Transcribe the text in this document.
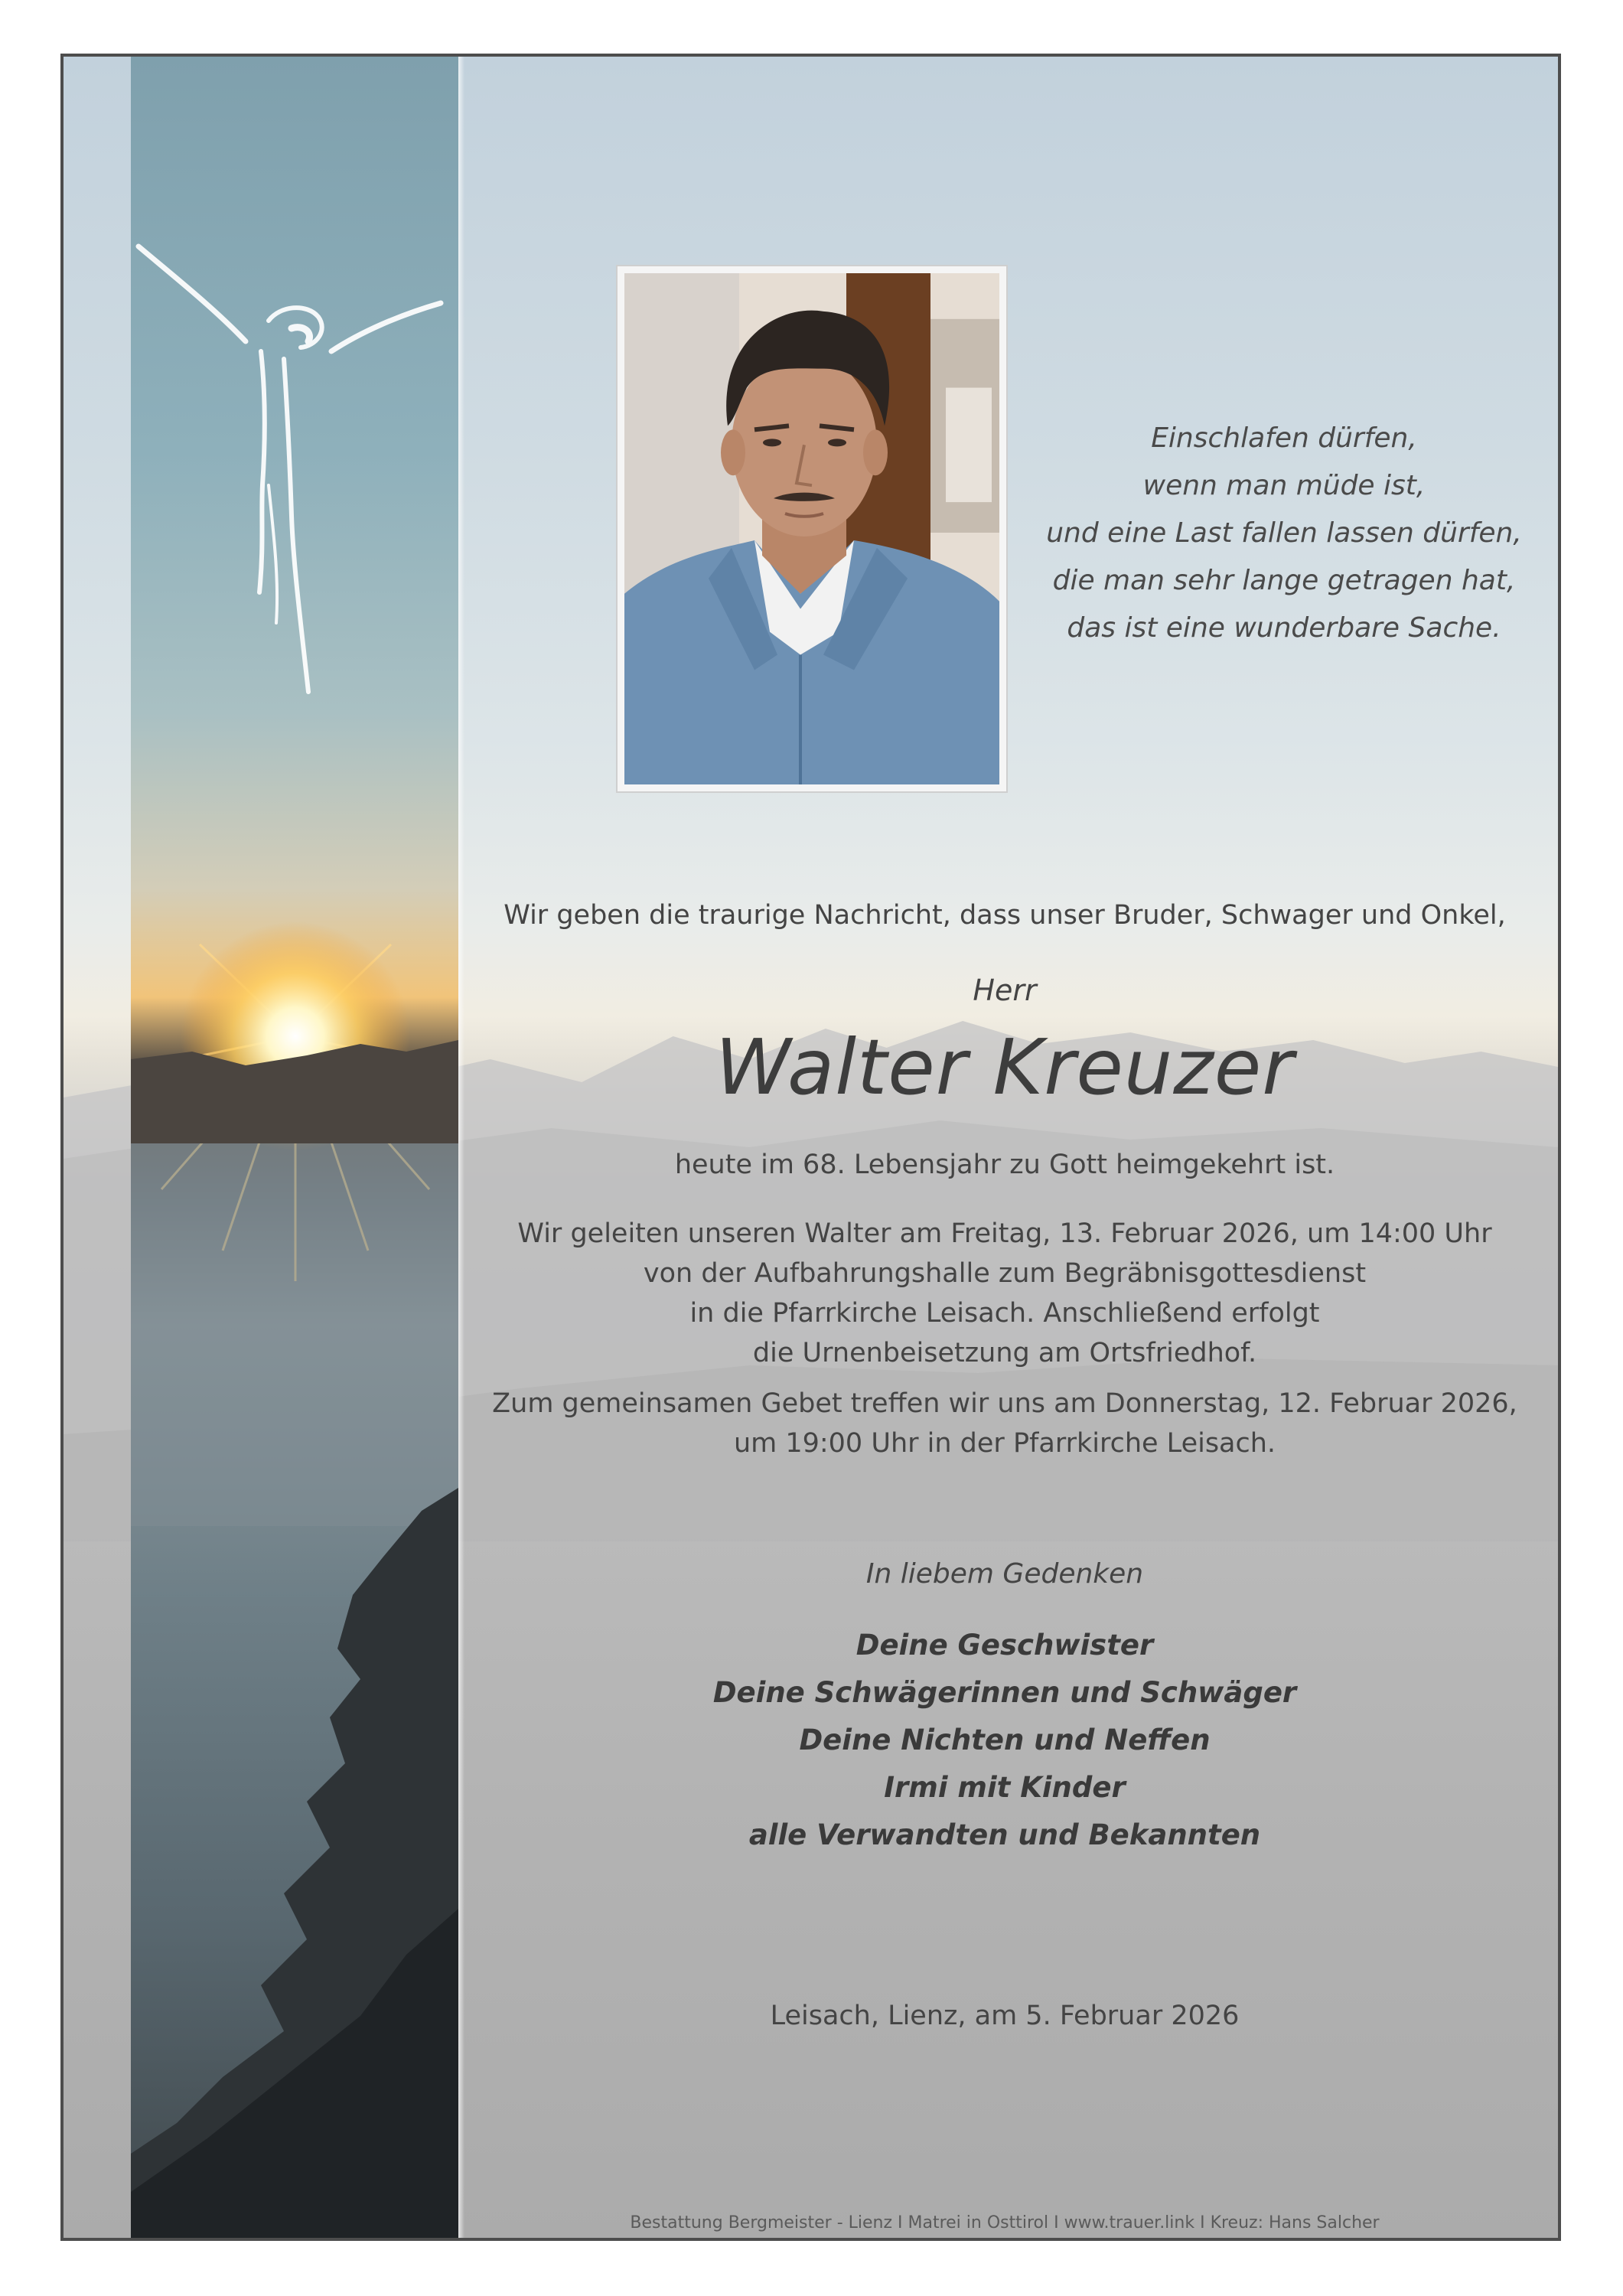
Einschlafen dürfen,
wenn man müde ist,
und eine Last fallen lassen dürfen,
die man sehr lange getragen hat,
das ist eine wunderbare Sache.
Wir geben die traurige Nachricht, dass unser Bruder, Schwager und Onkel,
Herr
Walter Kreuzer
heute im 68. Lebensjahr zu Gott heimgekehrt ist.
Wir geleiten unseren Walter am Freitag, 13. Februar 2026, um 14:00 Uhr
von der Aufbahrungshalle zum Begräbnisgottesdienst
in die Pfarrkirche Leisach. Anschließend erfolgt
die Urnenbeisetzung am Ortsfriedhof.
Zum gemeinsamen Gebet treffen wir uns am Donnerstag, 12. Februar 2026,
um 19:00 Uhr in der Pfarrkirche Leisach.
In liebem Gedenken
Deine Geschwister
Deine Schwägerinnen und Schwäger
Deine Nichten und Neffen
Irmi mit Kinder
alle Verwandten und Bekannten
Leisach, Lienz, am 5. Februar 2026
Bestattung Bergmeister - Lienz I Matrei in Osttirol I www.trauer.link I Kreuz: Hans Salcher
